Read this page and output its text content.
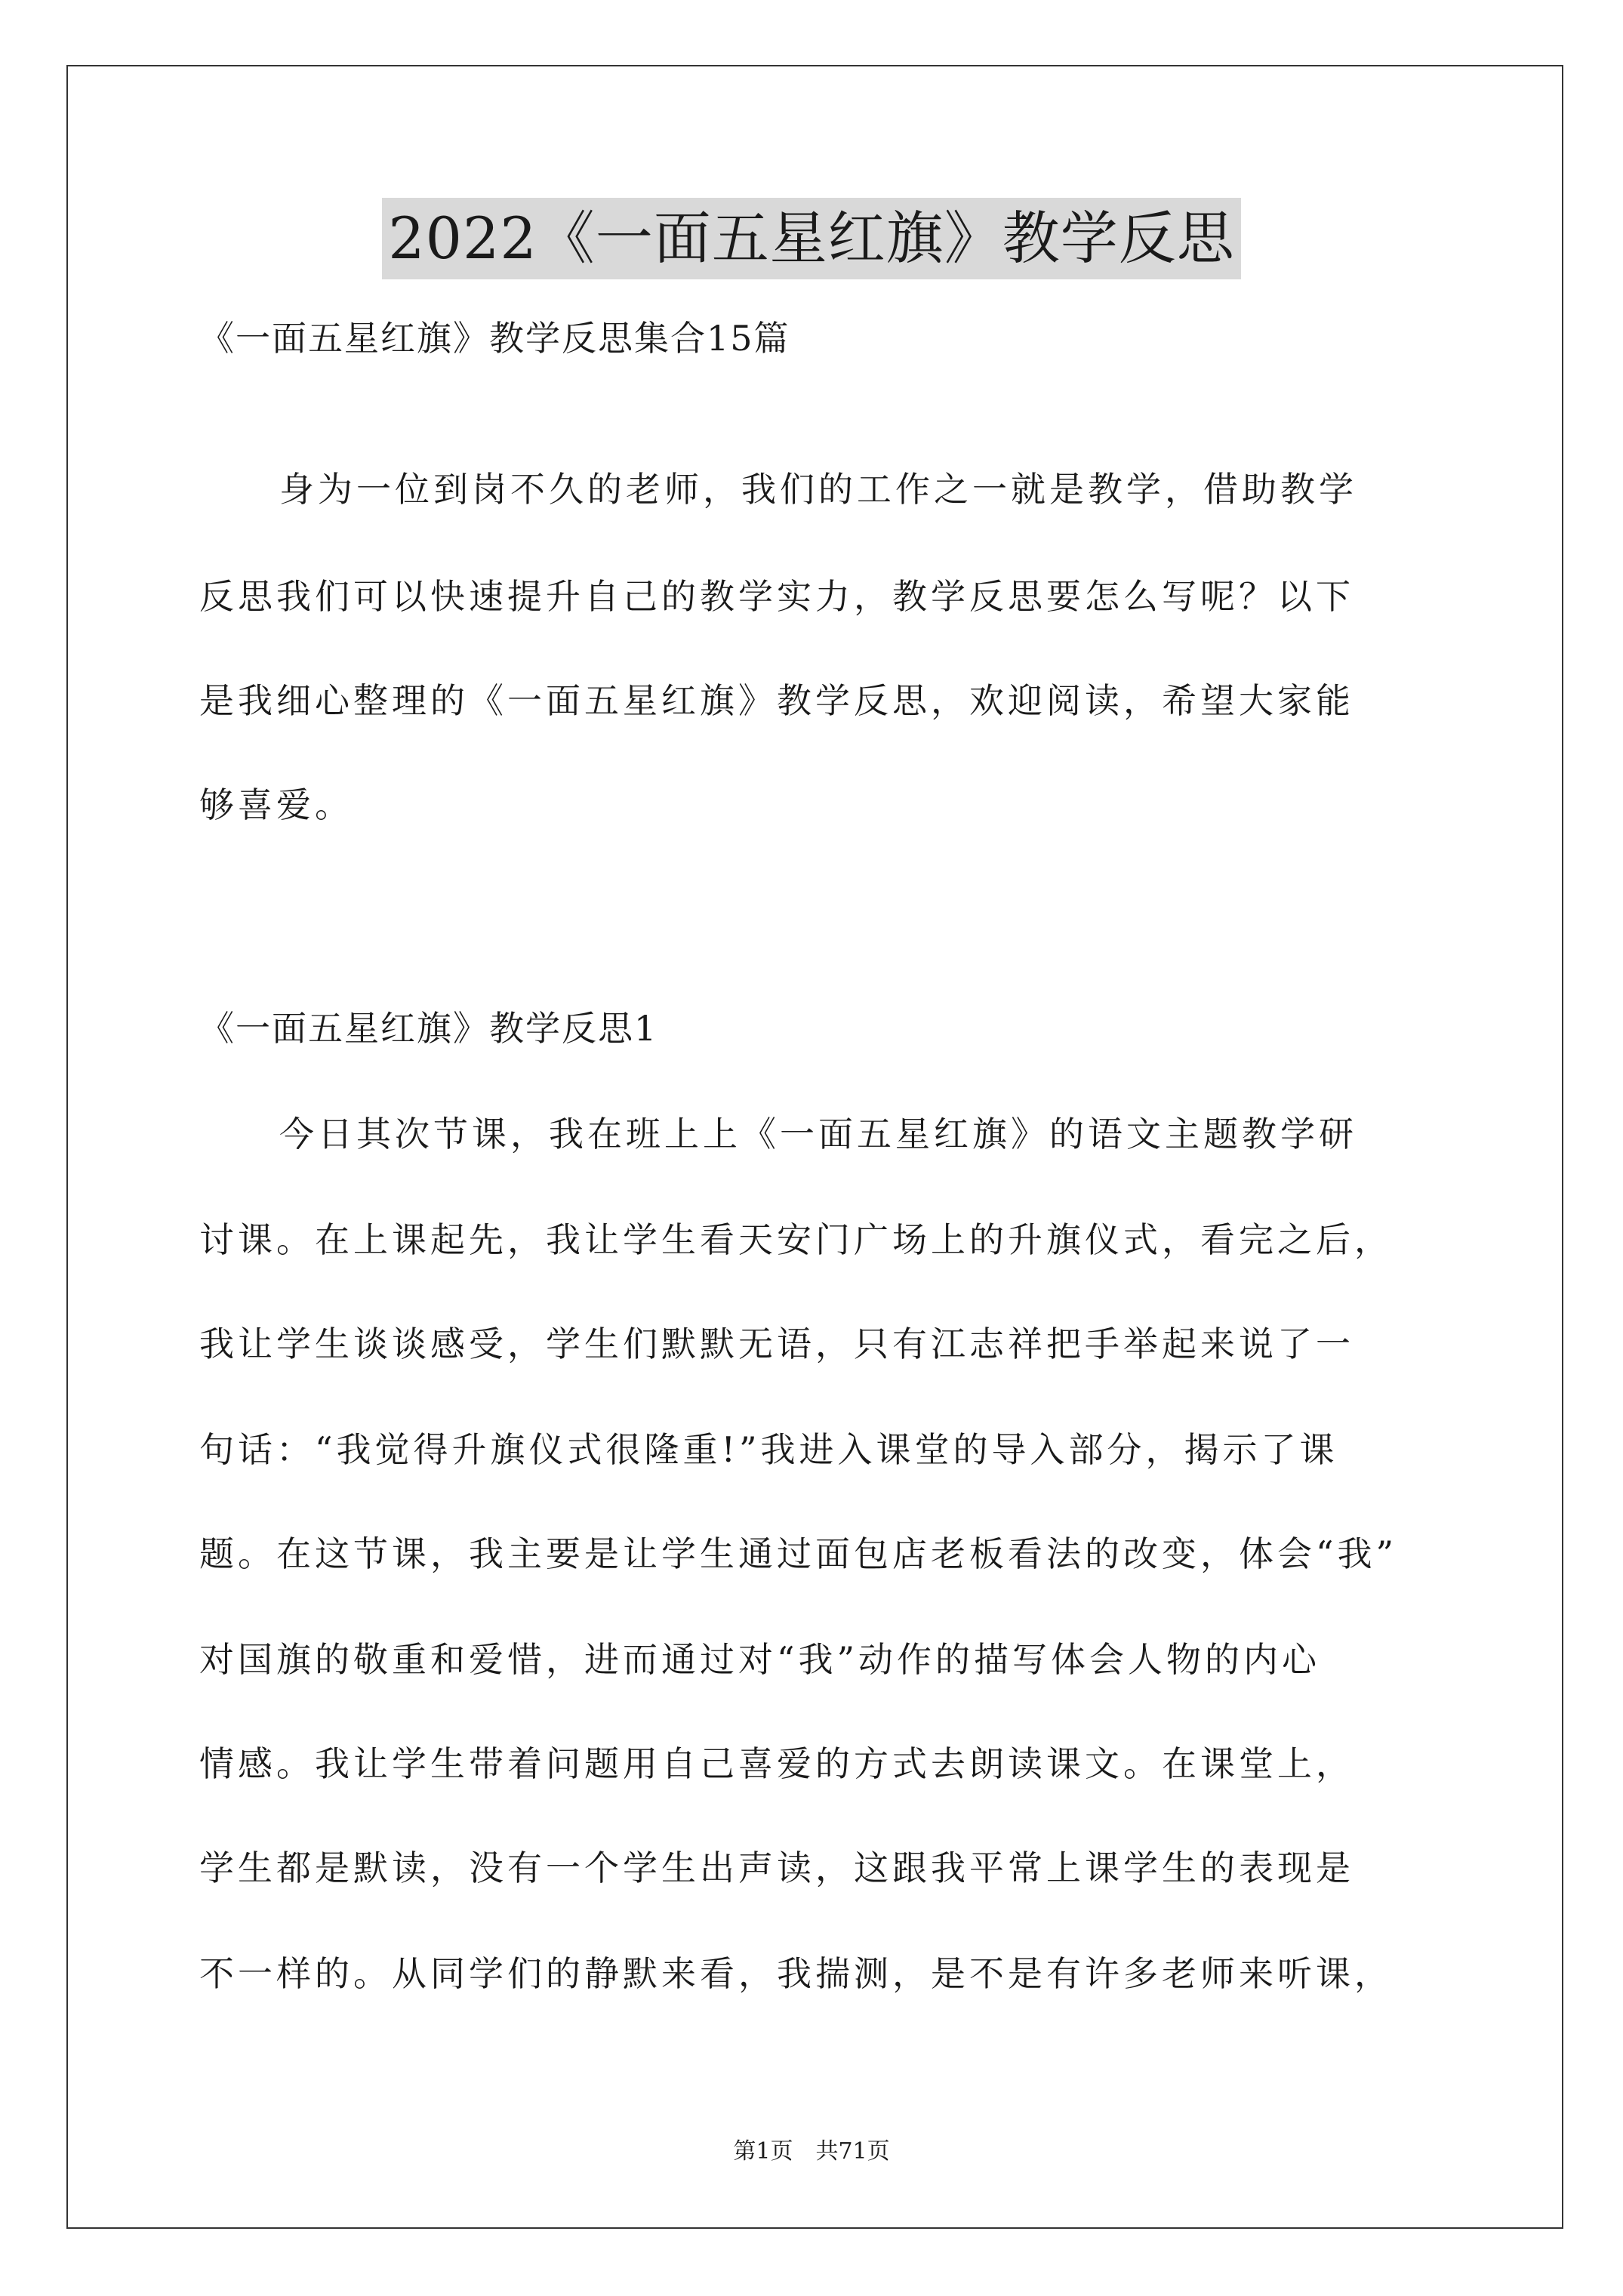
2022《一面五星红旗》教学反思
《一面五星红旗》教学反思集合15篇
身为一位到岗不久的老师，我们的工作之一就是教学，借助教学
反思我们可以快速提升自己的教学实力，教学反思要怎么写呢？以下
是我细心整理的《一面五星红旗》教学反思，欢迎阅读，希望大家能
够喜爱。
《一面五星红旗》教学反思1
今日其次节课，我在班上上《一面五星红旗》的语文主题教学研
讨课。在上课起先，我让学生看天安门广场上的升旗仪式，看完之后，
我让学生谈谈感受，学生们默默无语，只有江志祥把手举起来说了一
句话：“我觉得升旗仪式很隆重!”我进入课堂的导入部分，揭示了课
题。在这节课，我主要是让学生通过面包店老板看法的改变，体会“我”
对国旗的敬重和爱惜，进而通过对“我”动作的描写体会人物的内心
情感。我让学生带着问题用自己喜爱的方式去朗读课文。在课堂上，
学生都是默读，没有一个学生出声读，这跟我平常上课学生的表现是
不一样的。从同学们的静默来看，我揣测，是不是有许多老师来听课，
第1页　共71页
